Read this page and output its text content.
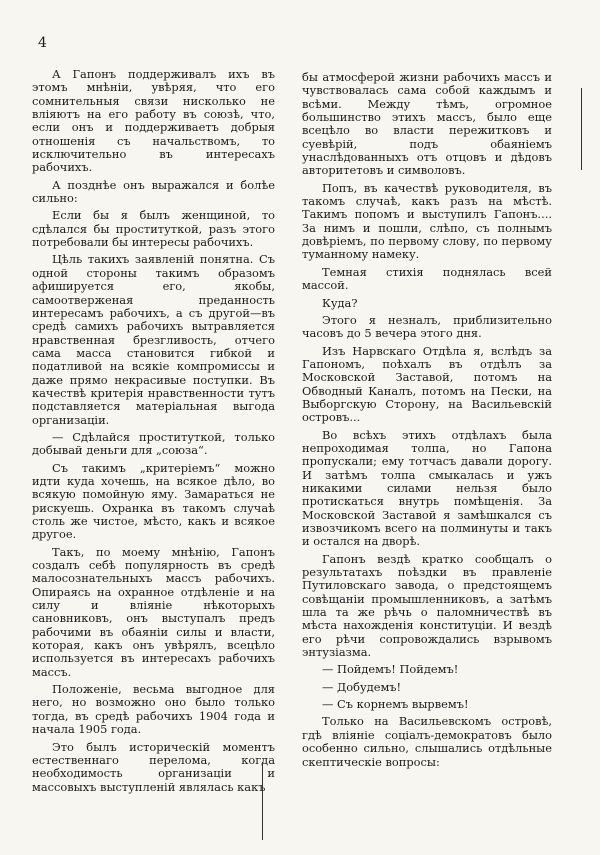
4

А Гапонъ поддерживалъ ихъ въ этомъ мнѣніи, увѣряя, что его сомнительныя связи нисколько не вліяютъ на его работу въ союзѣ, что, если онъ и поддерживаетъ добрыя отношенія съ начальствомъ, то исключительно въ интересахъ рабочихъ.

А позднѣе онъ выражался и болѣе сильно:

Если бы я былъ женщиной, то сдѣлался бы проституткой, разъ этого потребовали бы интересы рабочихъ.

Цѣль такихъ заявленій понятна. Съ одной стороны такимъ образомъ афишируется его, якобы, самоотверженая преданность интересамъ рабочихъ, а съ другой—въ средѣ самихъ рабочихъ вытравляется нравственная брезгливость, отчего сама масса становится гибкой и податливой на всякіе компромиссы и даже прямо некрасивые поступки. Въ качествѣ критерія нравственности тутъ подставляется матеріальная выгода организаціи.

— Сдѣлайся проституткой, только добывай деньги для „союза“.

Съ такимъ „критеріемъ“ можно идти куда хочешь, на всякое дѣло, во всякую помойную яму. Замараться не рискуешь. Охранка въ такомъ случаѣ столь же чистое, мѣсто, какъ и всякое другое.

Такъ, по моему мнѣнію, Гапонъ создалъ себѣ популярность въ средѣ малосознательныхъ массъ рабочихъ. Опираясь на охранное отдѣленіе и на силу и вліяніе нѣкоторыхъ сановниковъ, онъ выступалъ предъ рабочими въ обаяніи силы и власти, которая, какъ онъ увѣрялъ, всецѣло используется въ интересахъ рабочихъ массъ.

Положеніе, весьма выгодное для него, но возможно оно было только тогда, въ средѣ рабочихъ 1904 года и начала 1905 года.

Это былъ историческій моментъ естественнаго перелома, когда необходимость организаціи и массовыхъ выступленій являлась какъ

бы атмосферой жизни рабочихъ массъ и чувствовалась сама собой каждымъ и всѣми. Между тѣмъ, огромное большинство этихъ массъ, было еще всецѣло во власти пережитковъ и суевѣрій, подъ обаяніемъ унаслѣдованныхъ отъ отцовъ и дѣдовъ авторитетовъ и символовъ.

Попъ, въ качествѣ руководителя, въ такомъ случаѣ, какъ разъ на мѣстѣ. Такимъ попомъ и выступилъ Гапонъ.... За нимъ и пошли, слѣпо, съ полнымъ довѣріемъ, по первому слову, по первому туманному намеку.

Темная стихія поднялась всей массой.

Куда?

Этого я незналъ, приблизительно часовъ до 5 вечера этого дня.

Изъ Нарвскаго Отдѣла я, вслѣдъ за Гапономъ, поѣхалъ въ отдѣлъ за Московской Заставой, потомъ на Обводный Каналъ, потомъ на Пески, на Выборгскую Сторону, на Васильевскій островъ...

Во всѣхъ этихъ отдѣлахъ была непроходимая толпа, но Гапона пропускали; ему тотчасъ давали дорогу. И затѣмъ толпа смыкалась и ужъ никакими силами нельзя было протискаться внутрь помѣщенія. За Московской Заставой я замѣшкался съ извозчикомъ всего на полминуты и такъ и остался на дворѣ.

Гапонъ вездѣ кратко сообщалъ о результатахъ поѣздки въ правленіе Путиловскаго завода, о предстоящемъ совѣщаніи промышленниковъ, а затѣмъ шла та же рѣчь о паломничествѣ въ мѣста нахожденія конституціи. И вездѣ его рѣчи сопровождались взрывомъ энтузіазма.

— Пойдемъ! Пойдемъ!

— Добудемъ!

— Съ корнемъ вырвемъ!

Только на Васильевскомъ островѣ, гдѣ вліяніе соціалъ-демократовъ было особенно сильно, слышались отдѣльные скептическіе вопросы:
